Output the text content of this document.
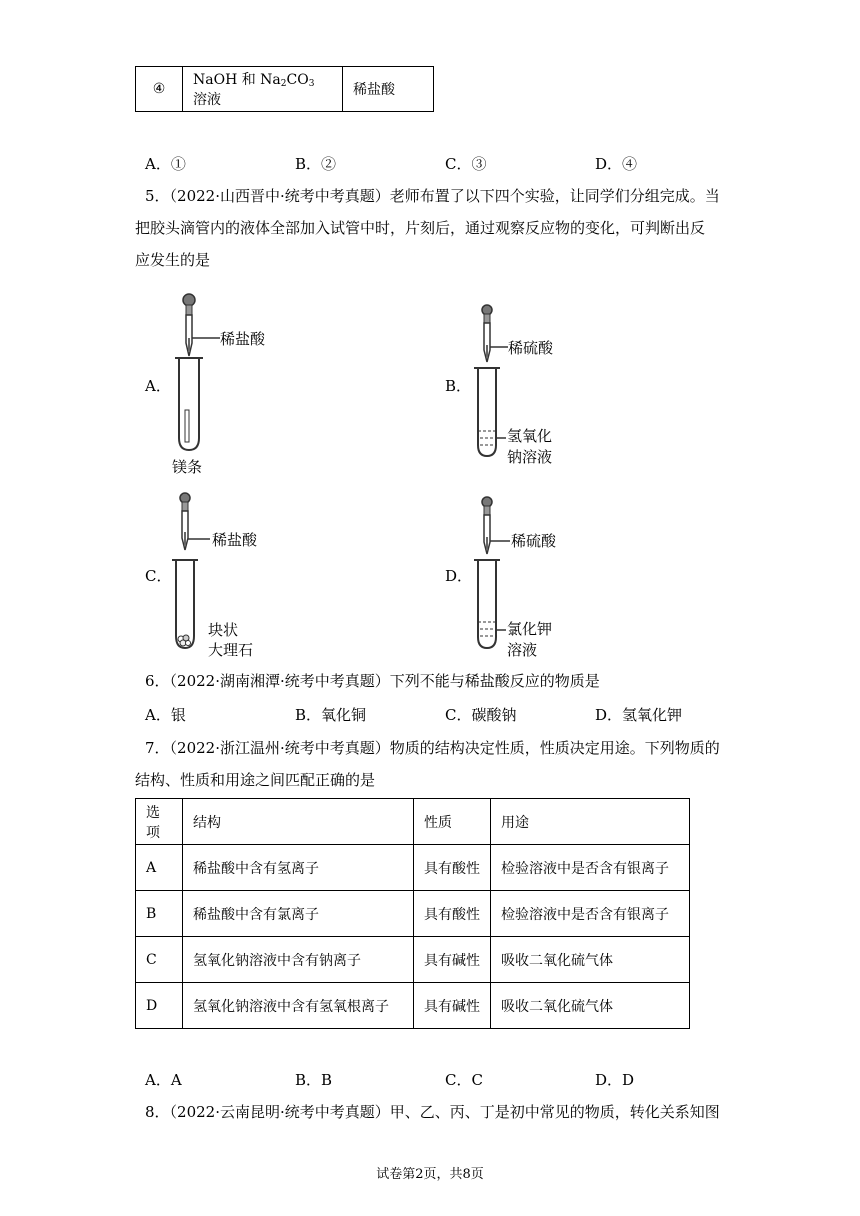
④	NaOH 和 $Na_2CO_3$ 溶液	稀盐酸
A．①	B．②	C．③	D．④
5．（2022·山西晋中·统考中考真题）老师布置了以下四个实验，让同学们分组完成。当
把胶头滴管内的液体全部加入试管中时，片刻后，通过观察反应物的变化，可判断出反
应发生的是
A．
稀盐酸
镁条
B．
稀硫酸
氢氧化
钠溶液
C．
稀盐酸
块状
大理石
D．
稀硫酸
氯化钾
溶液
6．（2022·湖南湘潭·统考中考真题）下列不能与稀盐酸反应的物质是
A．银	B．氧化铜	C．碳酸钠	D．氢氧化钾
7．（2022·浙江温州·统考中考真题）物质的结构决定性质，性质决定用途。下列物质的
结构、性质和用途之间匹配正确的是
选项	结构	性质	用途
A	稀盐酸中含有氢离子	具有酸性	检验溶液中是否含有银离子
B	稀盐酸中含有氯离子	具有酸性	检验溶液中是否含有银离子
C	氢氧化钠溶液中含有钠离子	具有碱性	吸收二氧化硫气体
D	氢氧化钠溶液中含有氢氧根离子	具有碱性	吸收二氧化硫气体
A．A	B．B	C．C	D．D
8．（2022·云南昆明·统考中考真题）甲、乙、丙、丁是初中常见的物质，转化关系知图
试卷第2页，共8页
